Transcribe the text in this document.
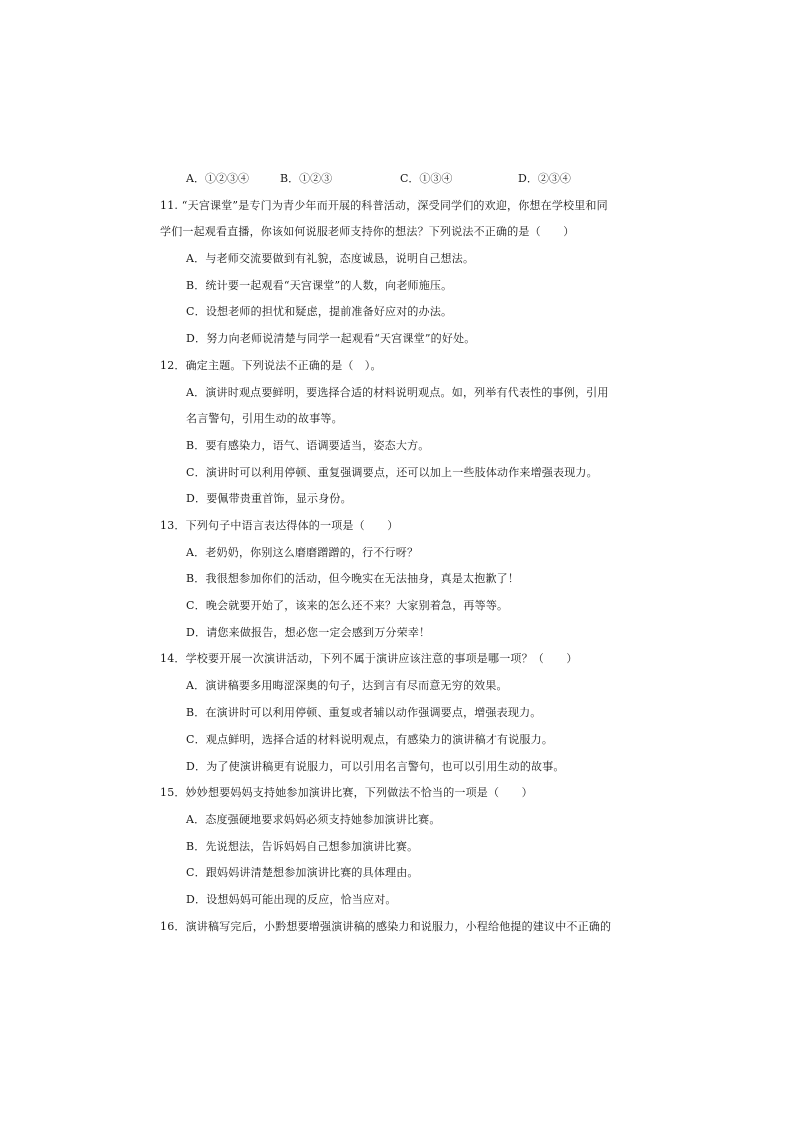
A．①②③④	B．①②③	C．①③④	D．②③④
11. “天宫课堂”是专门为青少年而开展的科普活动，深受同学们的欢迎，你想在学校里和同
学们一起观看直播，你该如何说服老师支持你的想法？下列说法不正确的是（　　）
A．与老师交流要做到有礼貌，态度诚恳，说明自己想法。
B．统计要一起观看“天宫课堂”的人数，向老师施压。
C．设想老师的担忧和疑虑，提前准备好应对的办法。
D．努力向老师说清楚与同学一起观看“天宫课堂”的好处。
12．确定主题。下列说法不正确的是（　）。
A．演讲时观点要鲜明，要选择合适的材料说明观点。如，列举有代表性的事例，引用
名言警句，引用生动的故事等。
B．要有感染力，语气、语调要适当，姿态大方。
C．演讲时可以利用停顿、重复强调要点，还可以加上一些肢体动作来增强表现力。
D．要佩带贵重首饰，显示身份。
13．下列句子中语言表达得体的一项是（　　）
A．老奶奶，你别这么磨磨蹭蹭的，行不行呀？
B．我很想参加你们的活动，但今晚实在无法抽身，真是太抱歉了！
C．晚会就要开始了，该来的怎么还不来？大家别着急，再等等。
D．请您来做报告，想必您一定会感到万分荣幸！
14．学校要开展一次演讲活动，下列不属于演讲应该注意的事项是哪一项？（　　）
A．演讲稿要多用晦涩深奥的句子，达到言有尽而意无穷的效果。
B．在演讲时可以利用停顿、重复或者辅以动作强调要点，增强表现力。
C．观点鲜明，选择合适的材料说明观点，有感染力的演讲稿才有说服力。
D．为了使演讲稿更有说服力，可以引用名言警句，也可以引用生动的故事。
15．妙妙想要妈妈支持她参加演讲比赛，下列做法不恰当的一项是（　　）
A．态度强硬地要求妈妈必须支持她参加演讲比赛。
B．先说想法，告诉妈妈自己想参加演讲比赛。
C．跟妈妈讲清楚想参加演讲比赛的具体理由。
D．设想妈妈可能出现的反应，恰当应对。
16．演讲稿写完后，小黔想要增强演讲稿的感染力和说服力，小程给他提的建议中不正确的
